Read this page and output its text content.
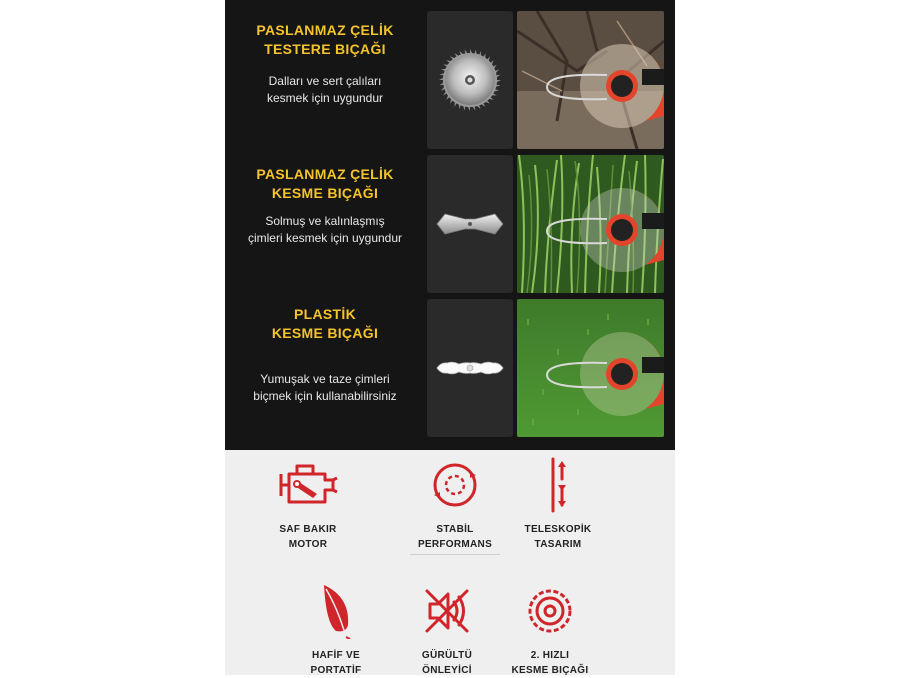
PASLANMAZ ÇELİK
TESTERE BIÇAĞI
Dalları ve sert çalıları
kesmek için uygundur
PASLANMAZ ÇELİK
KESME BIÇAĞI
Solmuş ve kalınlaşmış
çimleri kesmek için uygundur
PLASTİK
KESME BIÇAĞI
Yumuşak ve taze çimleri
biçmek için kullanabilirsiniz
SAF BAKIR
MOTOR
STABİL
PERFORMANS
TELESKOPİK
TASARIM
HAFİF VE
PORTATİF
GÜRÜLTÜ
ÖNLEYİCİ
2. HIZLI
KESME BIÇAĞI
